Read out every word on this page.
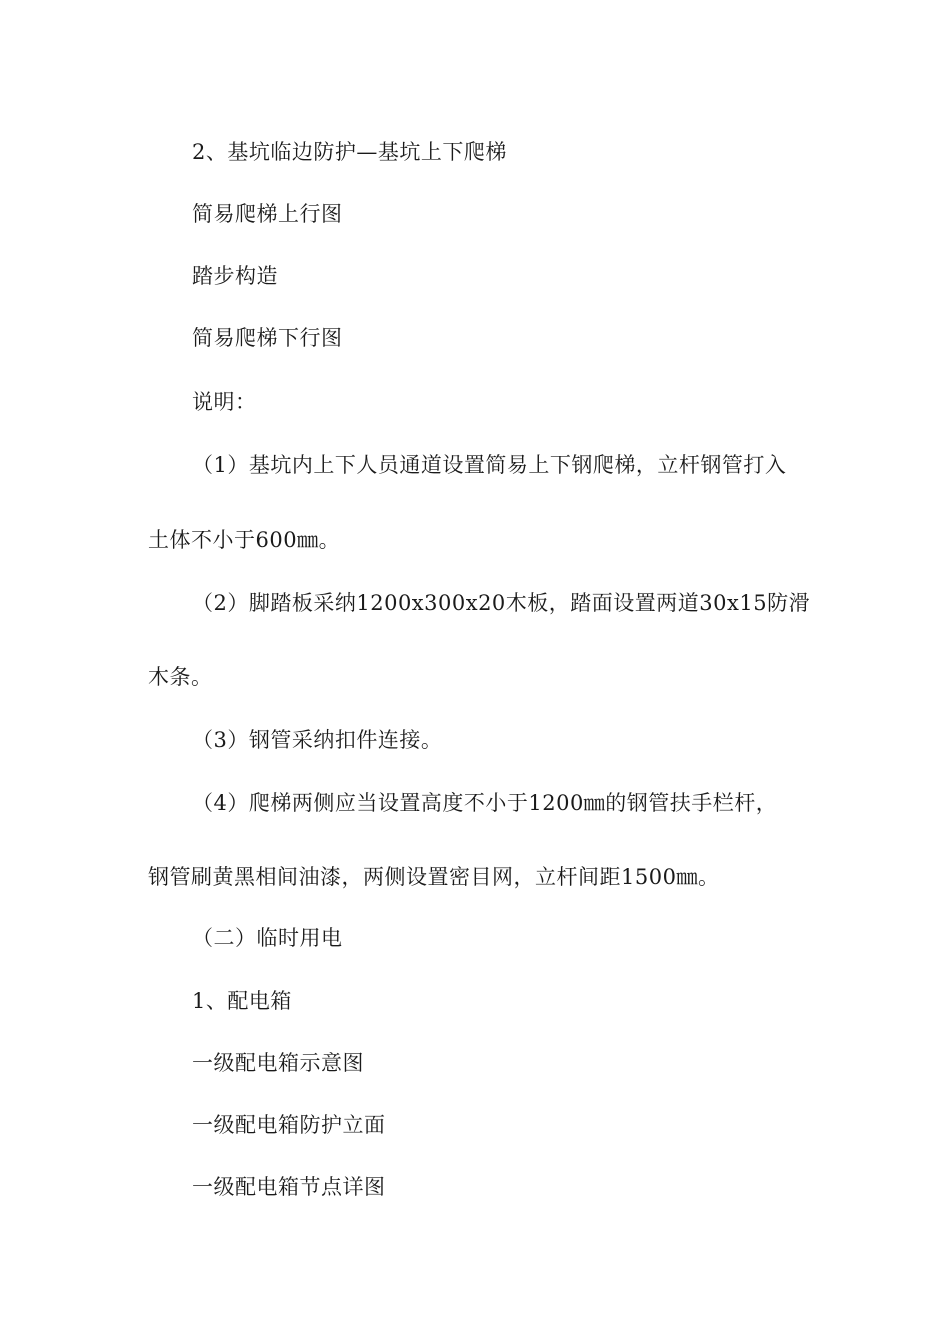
2、基坑临边防护—基坑上下爬梯
简易爬梯上行图
踏步构造
简易爬梯下行图
说明：
（1）基坑内上下人员通道设置简易上下钢爬梯，立杆钢管打入
土体不小于600㎜。
（2）脚踏板采纳1200x300x20木板，踏面设置两道30x15防滑
木条。
（3）钢管采纳扣件连接。
（4）爬梯两侧应当设置高度不小于1200㎜的钢管扶手栏杆，
钢管刷黄黑相间油漆，两侧设置密目网，立杆间距1500㎜。
（二）临时用电
1、配电箱
一级配电箱示意图
一级配电箱防护立面
一级配电箱节点详图
